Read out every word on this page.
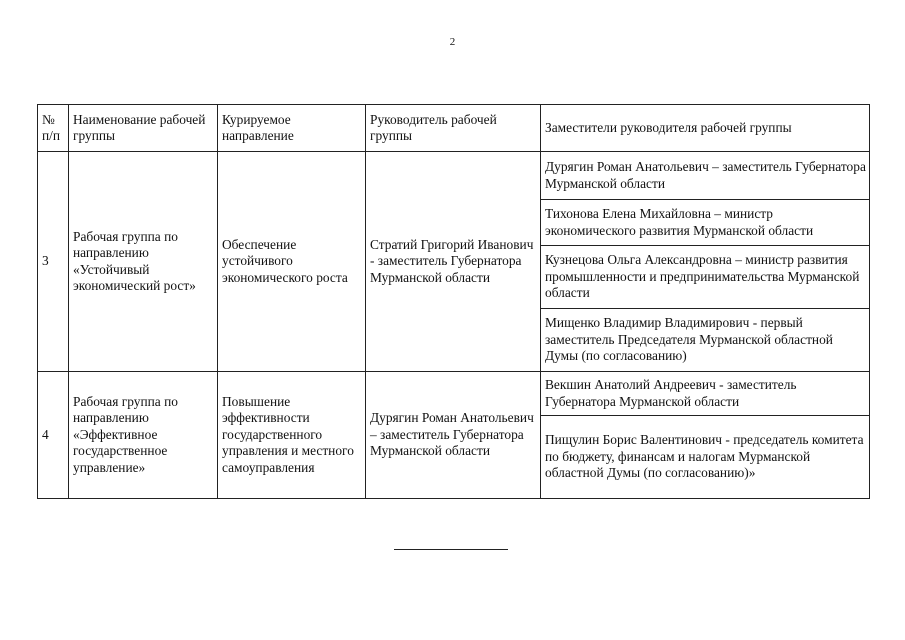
2
№ п/п	Наименование рабочей группы	Курируемое направление	Руководитель рабочей группы	Заместители руководителя рабочей группы
3	Рабочая группа по направлению «Устойчивый экономический рост»	Обеспечение устойчивого экономического роста	Стратий Григорий Иванович - заместитель Губернатора Мурманской области	Дурягин Роман Анатольевич – заместитель Губернатора Мурманской области
				Тихонова Елена Михайловна – министр экономического развития Мурманской области
				Кузнецова Ольга Александровна – министр развития промышленности и предпринимательства Мурманской области
				Мищенко Владимир Владимирович - первый заместитель Председателя Мурманской областной Думы (по согласованию)
4	Рабочая группа по направлению «Эффективное государственное управление»	Повышение эффективности государственного управления и местного самоуправления	Дурягин Роман Анатольевич – заместитель Губернатора Мурманской области	Векшин Анатолий Андреевич - заместитель Губернатора Мурманской области
				Пищулин Борис Валентинович - председатель комитета по бюджету, финансам и налогам Мурманской областной Думы (по согласованию)»
